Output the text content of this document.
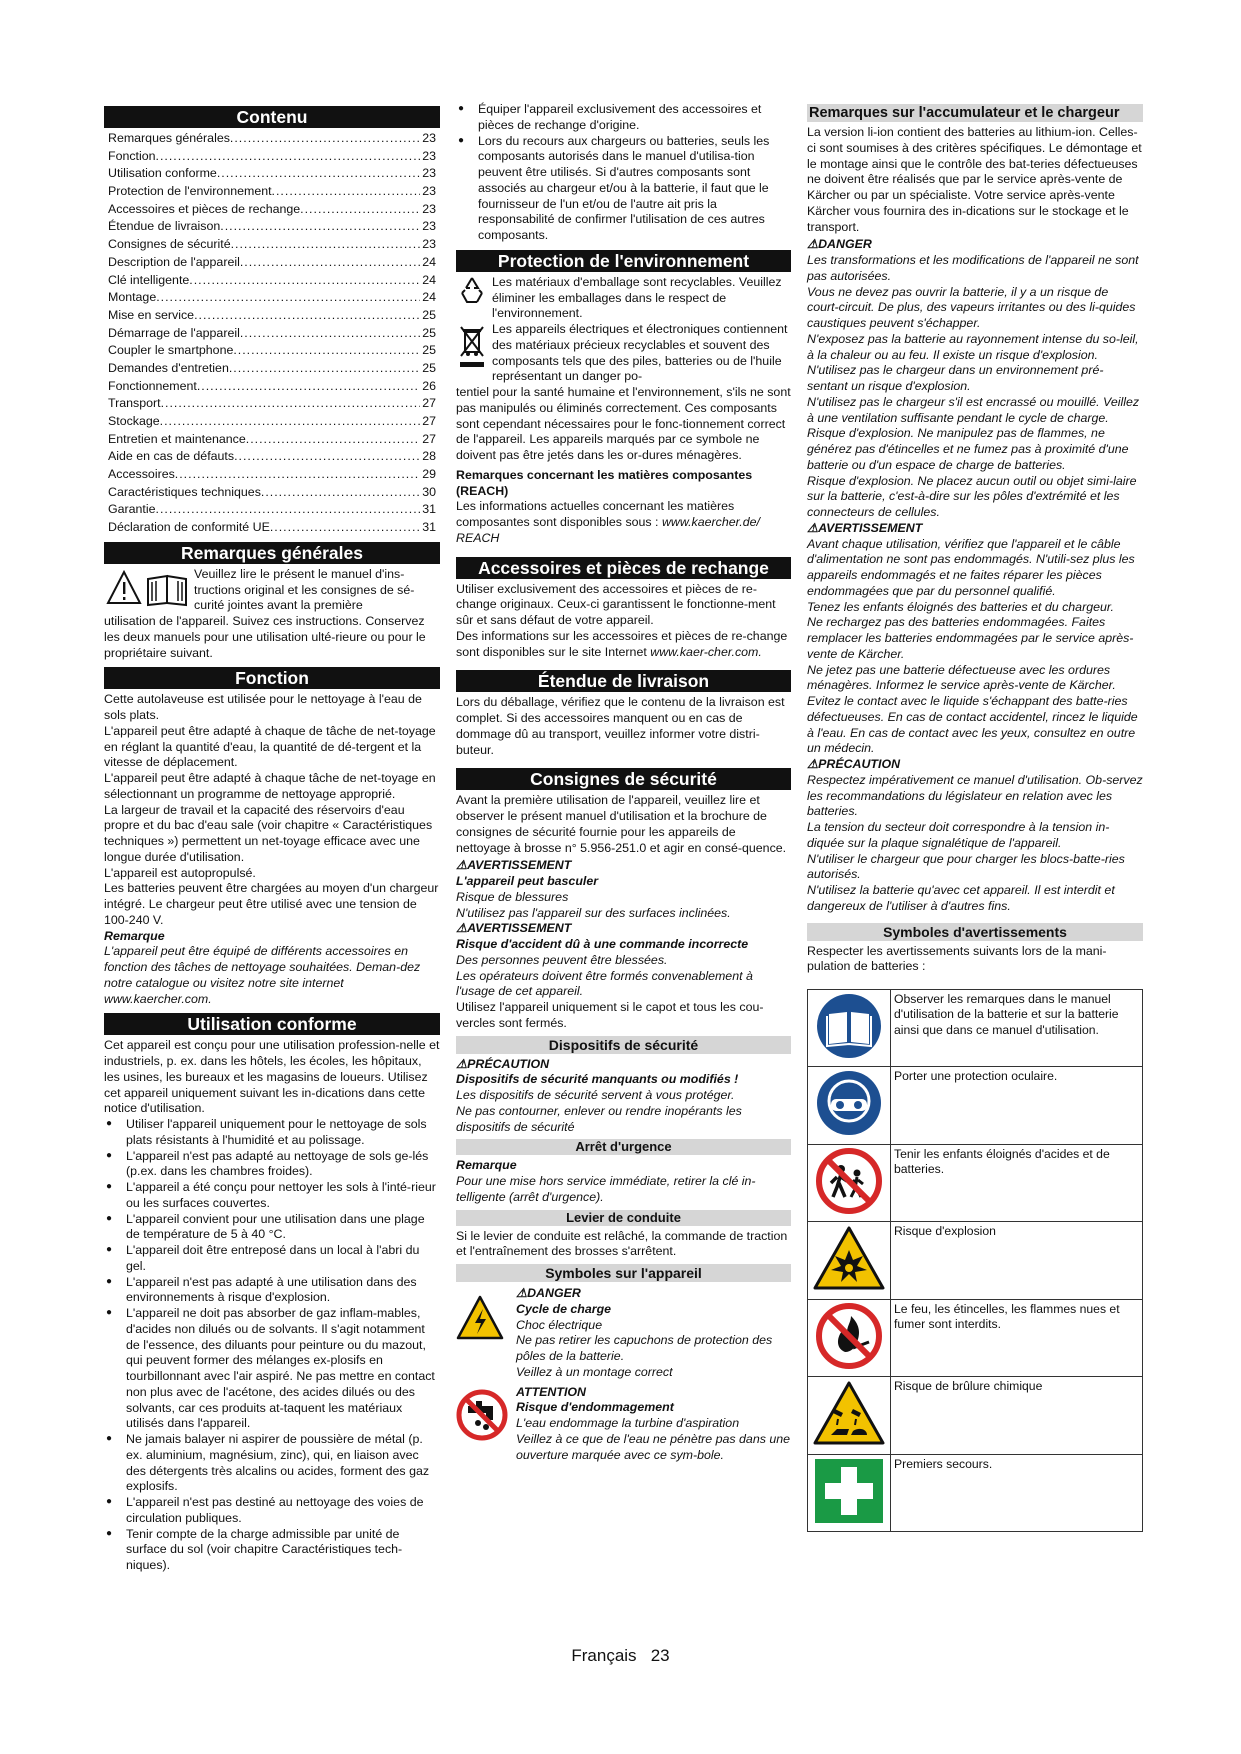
Contenu
Remarques générales .....	23
Fonction .....	23
Utilisation conforme .....	23
Protection de l'environnement .....	23
Accessoires et pièces de rechange .....	23
Étendue de livraison .....	23
Consignes de sécurité .....	23
Description de l'appareil .....	24
Clé intelligente .....	24
Montage .....	24
Mise en service .....	25
Démarrage de l'appareil .....	25
Coupler le smartphone .....	25
Demandes d'entretien .....	25
Fonctionnement .....	26
Transport .....	27
Stockage .....	27
Entretien et maintenance .....	27
Aide en cas de défauts .....	28
Accessoires .....	29
Caractéristiques techniques .....	30
Garantie .....	31
Déclaration de conformité UE .....	31
Remarques générales

Veuillez lire le présent le manuel d'ins-tructions original et les consignes de sé-curité jointes avant la première

utilisation de l'appareil. Suivez ces instructions. Conservez les deux manuels pour une utilisation ulté-rieure ou pour le propriétaire suivant.

Fonction

Cette autolaveuse est utilisée pour le nettoyage à l'eau de sols plats.

L'appareil peut être adapté à chaque de tâche de net-toyage en réglant la quantité d'eau, la quantité de dé-tergent et la vitesse de déplacement.

L'appareil peut être adapté à chaque tâche de net-toyage en sélectionnant un programme de nettoyage approprié.

La largeur de travail et la capacité des réservoirs d'eau propre et du bac d'eau sale (voir chapitre « Caractéristiques techniques ») permettent un net-toyage efficace avec une longue durée d'utilisation.

L'appareil est autopropulsé.

Les batteries peuvent être chargées au moyen d'un chargeur intégré. Le chargeur peut être utilisé avec une tension de 100-240 V.

Remarque

L'appareil peut être équipé de différents accessoires en fonction des tâches de nettoyage souhaitées. Deman-dez notre catalogue ou visitez notre site internet www.kaercher.com.

Utilisation conforme

Cet appareil est conçu pour une utilisation profession-nelle et industriels, p. ex. dans les hôtels, les écoles, les hôpitaux, les usines, les bureaux et les magasins de loueurs. Utilisez cet appareil uniquement suivant les in-dications dans cette notice d'utilisation.

● Utiliser l'appareil uniquement pour le nettoyage de sols plats résistants à l'humidité et au polissage.
● L'appareil n'est pas adapté au nettoyage de sols ge-lés (p.ex. dans les chambres froides).
● L'appareil a été conçu pour nettoyer les sols à l'inté-rieur ou les surfaces couvertes.
● L'appareil convient pour une utilisation dans une plage de température de 5 à 40 °C.
● L'appareil doit être entreposé dans un local à l'abri du gel.
● L'appareil n'est pas adapté à une utilisation dans des environnements à risque d'explosion.
● L'appareil ne doit pas absorber de gaz inflam-mables, d'acides non dilués ou de solvants. Il s'agit notamment de l'essence, des diluants pour peinture ou du mazout, qui peuvent former des mélanges ex-plosifs en tourbillonnant avec l'air aspiré. Ne pas mettre en contact non plus avec de l'acétone, des acides dilués ou des solvants, car ces produits at-taquent les matériaux utilisés dans l'appareil.
● Ne jamais balayer ni aspirer de poussière de métal (p. ex. aluminium, magnésium, zinc), qui, en liaison avec des détergents très alcalins ou acides, forment des gaz explosifs.
● L'appareil n'est pas destiné au nettoyage des voies de circulation publiques.
● Tenir compte de la charge admissible par unité de surface du sol (voir chapitre Caractéristiques tech-niques).
● Équiper l'appareil exclusivement des accessoires et pièces de rechange d'origine.
● Lors du recours aux chargeurs ou batteries, seuls les composants autorisés dans le manuel d'utilisa-tion peuvent être utilisés. Si d'autres composants sont associés au chargeur et/ou à la batterie, il faut que le fournisseur de l'un et/ou de l'autre ait pris la responsabilité de confirmer l'utilisation de ces autres composants.
Protection de l'environnement

Les matériaux d'emballage sont recyclables. Veuillez éliminer les emballages dans le respect de l'environnement.

Les appareils électriques et électroniques contiennent des matériaux précieux recyclables et souvent des composants tels que des piles, batteries ou de l'huile représentant un danger po-

tentiel pour la santé humaine et l'environnement, s'ils ne sont pas manipulés ou éliminés correctement. Ces composants sont cependant nécessaires pour le fonc-tionnement correct de l'appareil. Les appareils marqués par ce symbole ne doivent pas être jetés dans les or-dures ménagères.

Remarques concernant les matières composantes (REACH)

Les informations actuelles concernant les matières composantes sont disponibles sous : www.kaercher.de/ REACH

Accessoires et pièces de rechange

Utiliser exclusivement des accessoires et pièces de re-change originaux. Ceux-ci garantissent le fonctionne-ment sûr et sans défaut de votre appareil.

Des informations sur les accessoires et pièces de re-change sont disponibles sur le site Internet www.kaer-cher.com.

Étendue de livraison

Lors du déballage, vérifiez que le contenu de la livraison est complet. Si des accessoires manquent ou en cas de dommage dû au transport, veuillez informer votre distri-buteur.

Consignes de sécurité

Avant la première utilisation de l'appareil, veuillez lire et observer le présent manuel d'utilisation et la brochure de consignes de sécurité fournie pour les appareils de nettoyage à brosse n° 5.956-251.0 et agir en consé-quence.

⚠AVERTISSEMENT

L'appareil peut basculer

Risque de blessures

N'utilisez pas l'appareil sur des surfaces inclinées.

⚠AVERTISSEMENT

Risque d'accident dû à une commande incorrecte

Des personnes peuvent être blessées.

Les opérateurs doivent être formés convenablement à l'usage de cet appareil.

Utilisez l'appareil uniquement si le capot et tous les cou-vercles sont fermés.

Dispositifs de sécurité

⚠PRÉCAUTION

Dispositifs de sécurité manquants ou modifiés !

Les dispositifs de sécurité servent à vous protéger.

Ne pas contourner, enlever ou rendre inopérants les dispositifs de sécurité

Arrêt d'urgence

Remarque

Pour une mise hors service immédiate, retirer la clé in-telligente (arrêt d'urgence).

Levier de conduite

Si le levier de conduite est relâché, la commande de traction et l'entraînement des brosses s'arrêtent.

Symboles sur l'appareil

⚠DANGER

Cycle de charge

Choc électrique

Ne pas retirer les capuchons de protection des pôles de la batterie.

Veillez à un montage correct

ATTENTION

Risque d'endommagement

L'eau endommage la turbine d'aspiration

Veillez à ce que de l'eau ne pénètre pas dans une ouverture marquée avec ce sym-bole.

Remarques sur l'accumulateur et le chargeur

La version li-ion contient des batteries au lithium-ion. Celles-ci sont soumises à des critères spécifiques. Le démontage et le montage ainsi que le contrôle des bat-teries défectueuses ne doivent être réalisés que par le service après-vente de Kärcher ou par un spécialiste. Votre service après-vente Kärcher vous fournira des in-dications sur le stockage et le transport.

⚠DANGER

Les transformations et les modifications de l'appareil ne sont pas autorisées.

Vous ne devez pas ouvrir la batterie, il y a un risque de court-circuit. De plus, des vapeurs irritantes ou des li-quides caustiques peuvent s'échapper.

N'exposez pas la batterie au rayonnement intense du so-leil, à la chaleur ou au feu. Il existe un risque d'explosion.

N'utilisez pas le chargeur dans un environnement pré-sentant un risque d'explosion.

N'utilisez pas le chargeur s'il est encrassé ou mouillé. Veillez à une ventilation suffisante pendant le cycle de charge.

Risque d'explosion. Ne manipulez pas de flammes, ne générez pas d'étincelles et ne fumez pas à proximité d'une batterie ou d'un espace de charge de batteries.

Risque d'explosion. Ne placez aucun outil ou objet simi-laire sur la batterie, c'est-à-dire sur les pôles d'extrémité et les connecteurs de cellules.

⚠AVERTISSEMENT

Avant chaque utilisation, vérifiez que l'appareil et le câble d'alimentation ne sont pas endommagés. N'utili-sez plus les appareils endommagés et ne faites réparer les pièces endommagées que par du personnel qualifié.

Tenez les enfants éloignés des batteries et du chargeur.

Ne rechargez pas des batteries endommagées. Faites remplacer les batteries endommagées par le service après-vente de Kärcher.

Ne jetez pas une batterie défectueuse avec les ordures ménagères. Informez le service après-vente de Kärcher.

Evitez le contact avec le liquide s'échappant des batte-ries défectueuses. En cas de contact accidentel, rincez le liquide à l'eau. En cas de contact avec les yeux, consultez en outre un médecin.

⚠PRÉCAUTION

Respectez impérativement ce manuel d'utilisation. Ob-servez les recommandations du législateur en relation avec les batteries.

La tension du secteur doit correspondre à la tension in-diquée sur la plaque signalétique de l'appareil.

N'utiliser le chargeur que pour charger les blocs-batte-ries autorisés.

N'utilisez la batterie qu'avec cet appareil. Il est interdit et dangereux de l'utiliser à d'autres fins.

Symboles d'avertissements

Respecter les avertissements suivants lors de la mani-pulation de batteries :

	Observer les remarques dans le manuel d'utilisation de la batterie et sur la batterie ainsi que dans ce manuel d'utilisation.
	Porter une protection oculaire.
	Tenir les enfants éloignés d'acides et de batteries.
	Risque d'explosion
	Le feu, les étincelles, les flammes nues et fumer sont interdits.
	Risque de brûlure chimique
	Premiers secours.
Français 23
